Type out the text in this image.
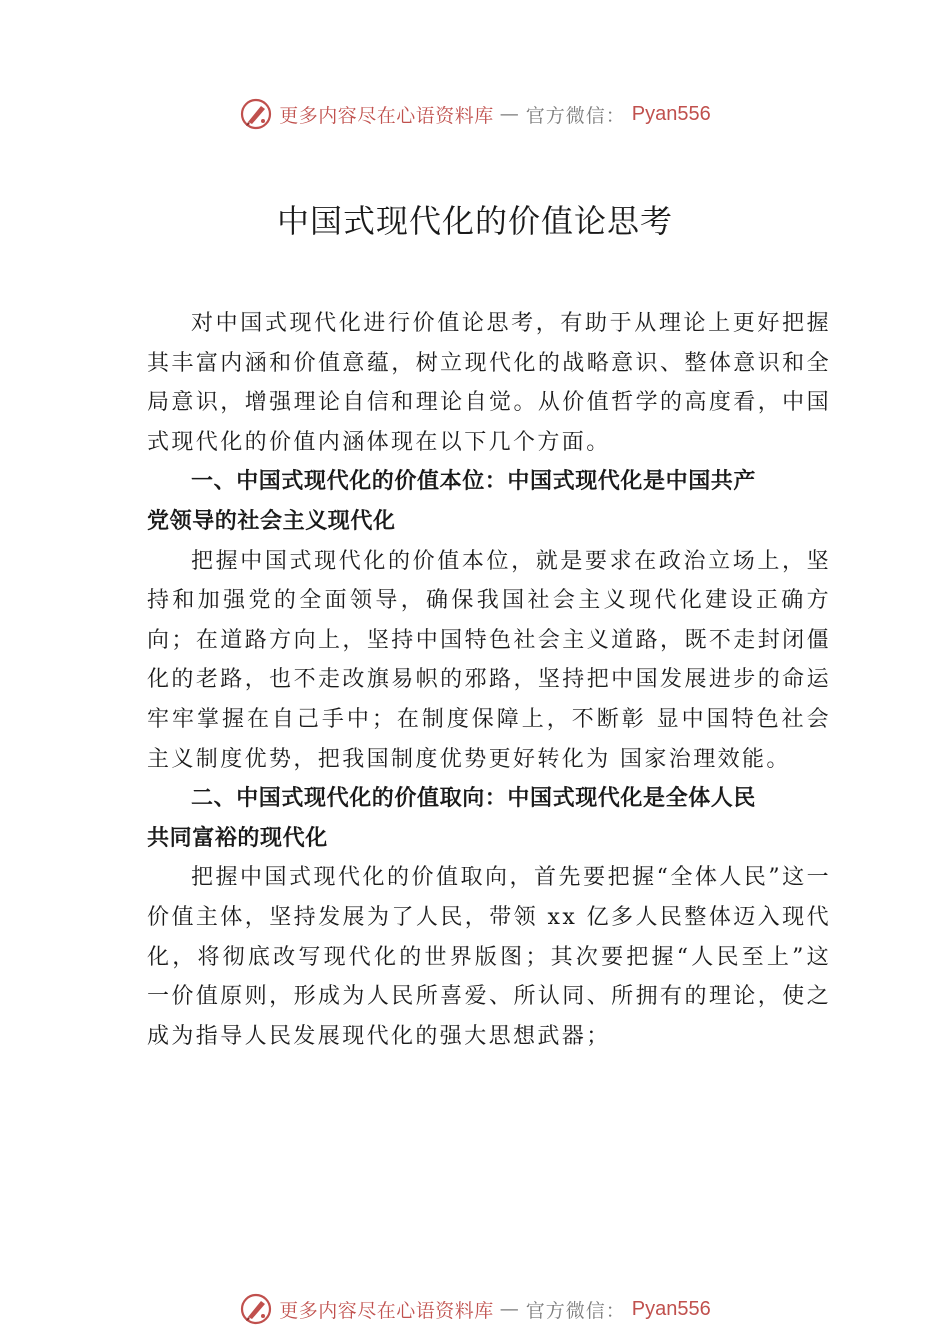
更多内容尽在心语资料库 — 官方微信： Pyan556
中国式现代化的价值论思考

对中国式现代化进行价值论思考，有助于从理论上更好把握其丰富内涵和价值意蕴，树立现代化的战略意识、整体意识和全局意识，增强理论自信和理论自觉。从价值哲学的高度看，中国式现代化的价值内涵体现在以下几个方面。

一、中国式现代化的价值本位：中国式现代化是中国共产党领导的社会主义现代化

把握中国式现代化的价值本位，就是要求在政治立场上，坚持和加强党的全面领导，确保我国社会主义现代化建设正确方向；在道路方向上，坚持中国特色社会主义道路，既不走封闭僵化的老路，也不走改旗易帜的邪路，坚持把中国发展进步的命运牢牢掌握在自己手中；在制度保障上，不断彰 显中国特色社会主义制度优势，把我国制度优势更好转化为 国家治理效能。

二、中国式现代化的价值取向：中国式现代化是全体人民共同富裕的现代化

把握中国式现代化的价值取向，首先要把握“全体人民”这一价值主体，坚持发展为了人民，带领 xx 亿多人民整体迈入现代化，将彻底改写现代化的世界版图；其次要把握“人民至上”这一价值原则，形成为人民所喜爱、所认同、所拥有的理论，使之成为指导人民发展现代化的强大思想武器；

更多内容尽在心语资料库 — 官方微信： Pyan556
